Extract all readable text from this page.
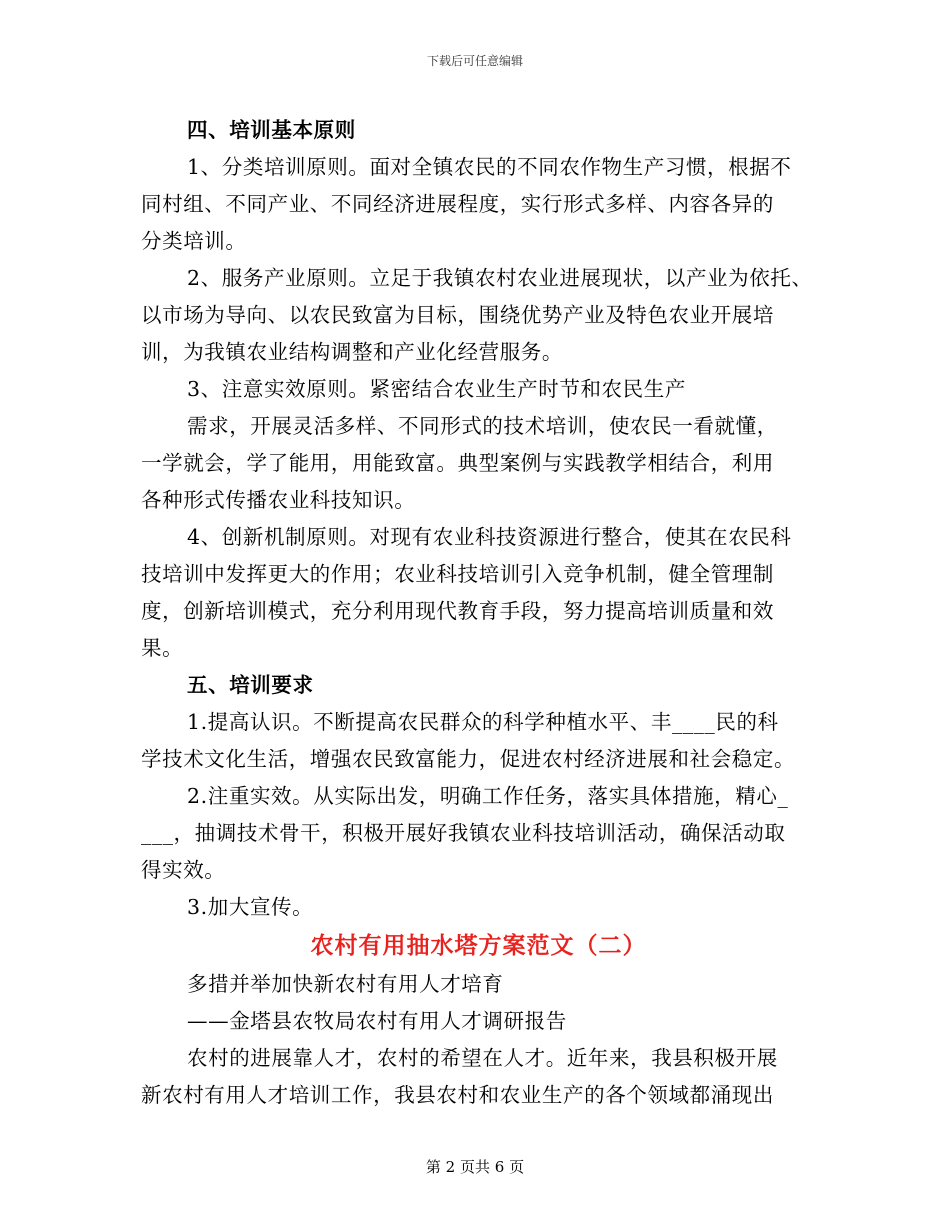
下载后可任意编辑
四、培训基本原则
1、分类培训原则。面对全镇农民的不同农作物生产习惯，根据不
同村组、不同产业、不同经济进展程度，实行形式多样、内容各异的
分类培训。
2、服务产业原则。立足于我镇农村农业进展现状，以产业为依托、
以市场为导向、以农民致富为目标，围绕优势产业及特色农业开展培
训，为我镇农业结构调整和产业化经营服务。
3、注意实效原则。紧密结合农业生产时节和农民生产
需求，开展灵活多样、不同形式的技术培训，使农民一看就懂，
一学就会，学了能用，用能致富。典型案例与实践教学相结合，利用
各种形式传播农业科技知识。
4、创新机制原则。对现有农业科技资源进行整合，使其在农民科
技培训中发挥更大的作用；农业科技培训引入竞争机制，健全管理制
度，创新培训模式，充分利用现代教育手段，努力提高培训质量和效
果。
五、培训要求
1.提高认识。不断提高农民群众的科学种植水平、丰____民的科
学技术文化生活，增强农民致富能力，促进农村经济进展和社会稳定。
2.注重实效。从实际出发，明确工作任务，落实具体措施，精心_
___，抽调技术骨干，积极开展好我镇农业科技培训活动，确保活动取
得实效。
3.加大宣传。
农村有用抽水塔方案范文（二）
多措并举加快新农村有用人才培育
——金塔县农牧局农村有用人才调研报告
农村的进展靠人才，农村的希望在人才。近年来，我县积极开展
新农村有用人才培训工作，我县农村和农业生产的各个领域都涌现出
第 2 页共 6 页
